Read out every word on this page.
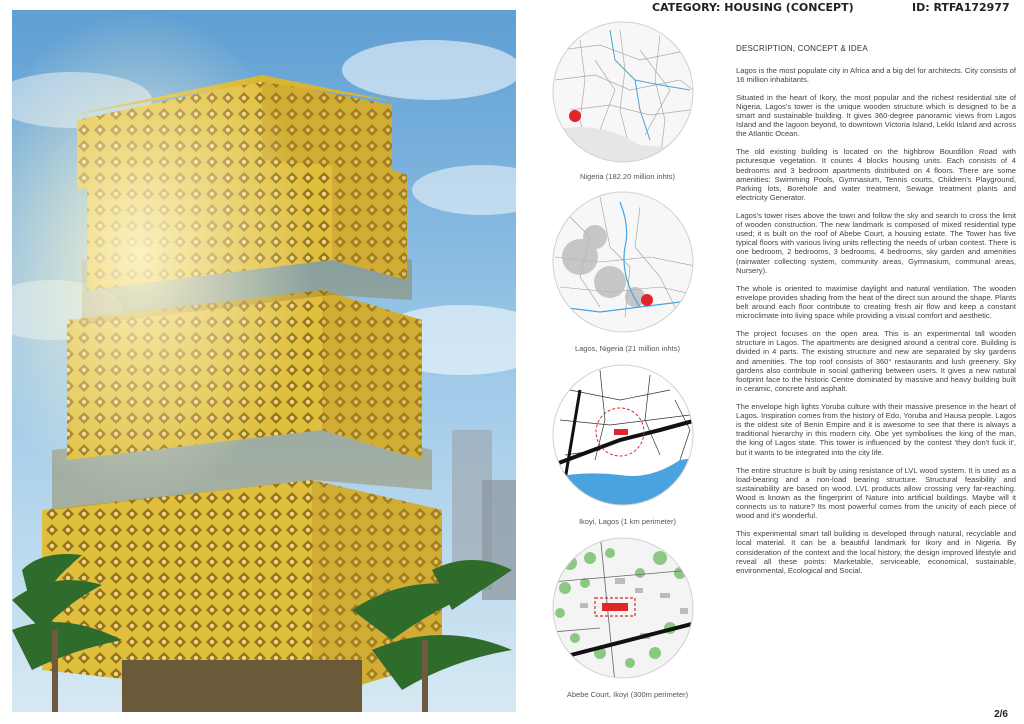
CATEGORY: HOUSING (CONCEPT)	ID: RTFA172977
Nigeria (182.20 million inhts)
Lagos, Nigeria (21 million inhts)
Ikoyi, Lagos (1 km perimeter)
Abebe Court, Ikoyi (300m perimeter)
DESCRIPTION, CONCEPT & IDEA

Lagos is the most populate city in Africa and a big del for architects. City consists of 16 million inhabitants.

Situated in the heart of Ikory, the most popular and the richest residential site of Nigeria, Lagos's tower is the unique wooden structure which is designed to be a smart and sustainable building. It gives 360-degree panoramic views from Lagos Island and the lagoon beyond, to downtown Victoria Island, Lekki Island and across the Atlantic Ocean.

The old existing building is located on the highbrow Bourdillon Road with picturesque vegetation. It counts 4 blocks housing units. Each consists of 4 bedrooms and 3 bedroom apartments distributed on 4 floors. There are some amenities: Swimming Pools, Gymnasium, Tennis courts, Children's Playground, Parking lots, Borehole and water treatment, Sewage treatment plants and electricity Generator.

Lagos's tower rises above the town and follow the sky and search to cross the limit of wooden construction. The new landmark is composed of mixed residential type used; it is built on the roof of Abebe Court, a housing estate. The Tower has five typical floors with various living units reflecting the needs of urban contest. There is one bedroom, 2 bedrooms, 3 bedrooms, 4 bedrooms, sky garden and amenities (rainwater collecting system, community areas, Gymnasium, communal areas, Nursery).

The whole is oriented to maximise daylight and natural ventilation. The wooden envelope provides shading from the heat of the direct sun around the shape. Plants belt around each floor contribute to creating fresh air flow and keep a constant microclimate into living space while providing a visual comfort and aesthetic.

The project focuses on the open area. This is an experimental tall wooden structure in Lagos. The apartments are designed around a central core. Building is divided in 4 parts. The existing structure and new are separated by sky gardens and amenities. The top roof consists of 360° restaurants and lush greenery. Sky gardens also contribute in social gathering between users. It gives a new natural footprint face to the historic Centre dominated by massive and heavy building built in ceramic, concrete and asphalt.

The envelope high lights Yoruba culture with their massive presence in the heart of Lagos. Inspiration comes from the history of Edo, Yoruba and Hausa people. Lagos is the oldest site of Benin Empire and it is awesome to see that there is always a traditional hierarchy in this modern city. Obe yet symbolises the king of the man, the king of Lagos state. This tower is influenced by the contest 'they don't fuck it', but it wants to be integrated into the city life.

The entire structure is built by using resistance of LVL wood system. It is used as a load-bearing and a non-load bearing structure. Structural feasibility and sustainability are based on wood. LVL products allow crossing very far-reaching. Wood is known as the fingerprint of Nature into artificial buildings. Maybe will it connects us to nature? Its most powerful comes from the unicity of each piece of wood and it's wonderful.

This experimental smart tall building is developed through natural, recyclable and local material. It can be a beautiful landmark for Ikory and in Nigeria. By consideration of the context and the local history, the design improved lifestyle and reveal all these points: Marketable, serviceable, economical, sustainable, environmental, Ecological and Social.

2/6
